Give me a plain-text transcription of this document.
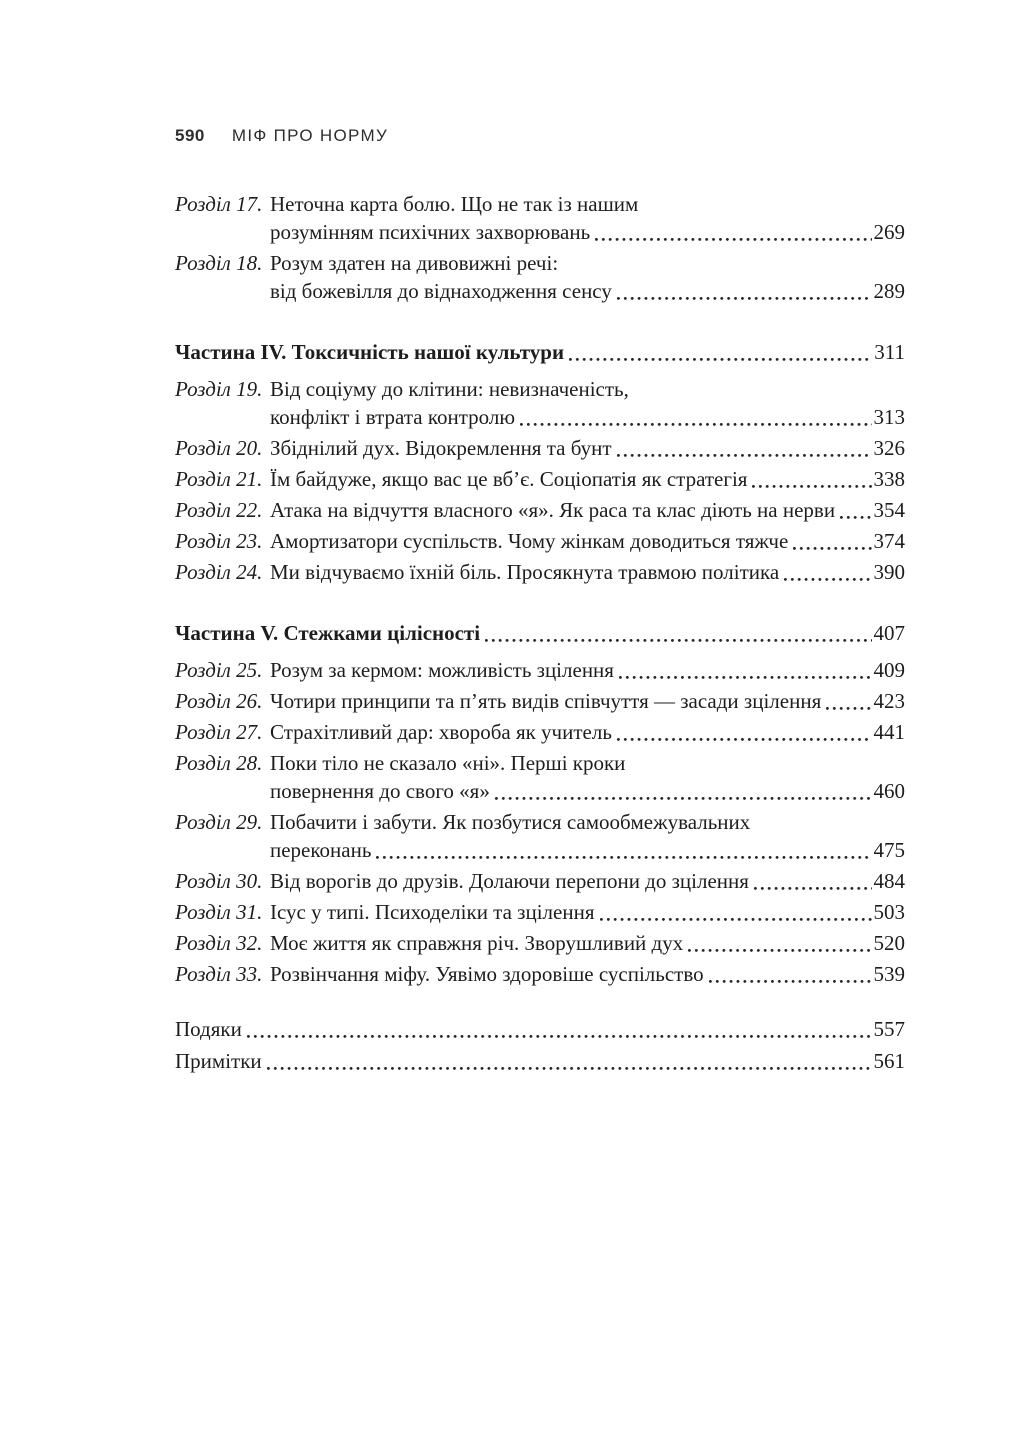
590 МІФ ПРО НОРМУ
Розділ 17. Неточна карта болю. Що не так із нашим
розумінням психічних захворювань	269
Розділ 18. Розум здатен на дивовижні речі:
від божевілля до віднаходження сенсу	289
Частина IV. Токсичність нашої культури	311
Розділ 19. Від соціуму до клітини: невизначеність,
конфлікт і втрата контролю	313
Розділ 20. Збіднілий дух. Відокремлення та бунт	326
Розділ 21. Їм байдуже, якщо вас це вб’є. Соціопатія як стратегія	338
Розділ 22. Атака на відчуття власного «я». Як раса та клас діють на нерви 354
Розділ 23. Амортизатори суспільств. Чому жінкам доводиться тяжче	374
Розділ 24. Ми відчуваємо їхній біль. Просякнута травмою політика	390
Частина V. Стежками цілісності	407
Розділ 25. Розум за кермом: можливість зцілення	409
Розділ 26. Чотири принципи та п’ять видів співчуття — засади зцілення 423
Розділ 27. Страхітливий дар: хвороба як учитель	441
Розділ 28. Поки тіло не сказало «ні». Перші кроки
повернення до свого «я»	460
Розділ 29. Побачити і забути. Як позбутися самообмежувальних
переконань	475
Розділ 30. Від ворогів до друзів. Долаючи перепони до зцілення	484
Розділ 31. Ісус у типі. Психоделіки та зцілення	503
Розділ 32. Моє життя як справжня річ. Зворушливий дух	520
Розділ 33. Розвінчання міфу. Уявімо здоровіше суспільство	539
Подяки	557
Примітки	561
